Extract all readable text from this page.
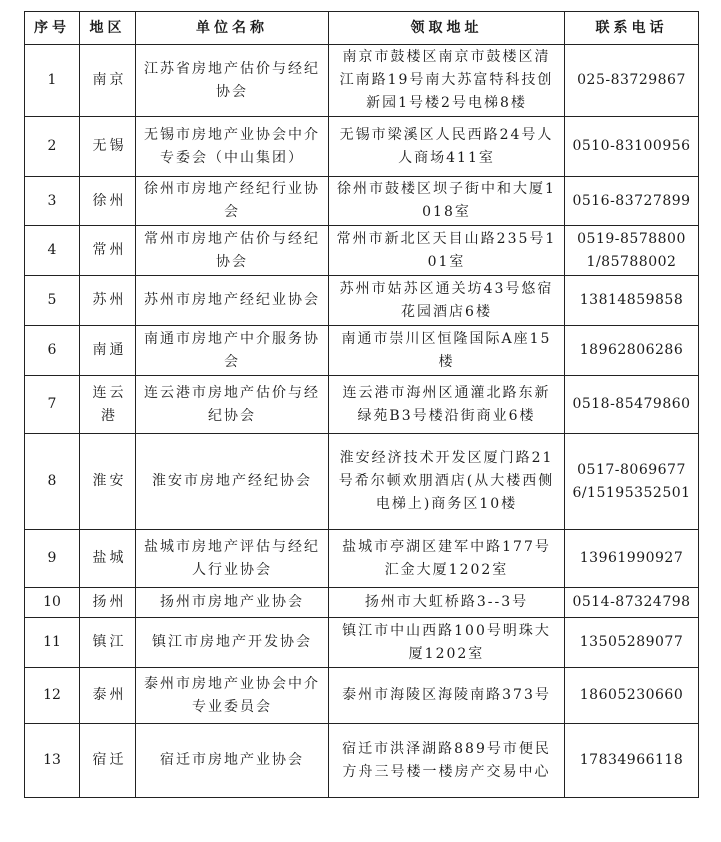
序号	地区	单位名称	领取地址	联系电话
1	南京	江苏省房地产估价与经纪协会	南京市鼓楼区南京市鼓楼区清江南路19号南大苏富特科技创新园1号楼2号电梯8楼	025-83729867
2	无锡	无锡市房地产业协会中介专委会（中山集团）	无锡市梁溪区人民西路24号人人商场411室	0510-83100956
3	徐州	徐州市房地产经纪行业协会	徐州市鼓楼区坝子街中和大厦1018室	0516-83727899
4	常州	常州市房地产估价与经纪协会	常州市新北区天目山路235号101室	0519-85788001/85788002
5	苏州	苏州市房地产经纪业协会	苏州市姑苏区通关坊43号悠宿花园酒店6楼	13814859858
6	南通	南通市房地产中介服务协会	南通市崇川区恒隆国际A座15楼	18962806286
7	连云港	连云港市房地产估价与经纪协会	连云港市海州区通灌北路东新绿苑B3号楼沿街商业6楼	0518-85479860
8	淮安	淮安市房地产经纪协会	淮安经济技术开发区厦门路21号希尔顿欢朋酒店(从大楼西侧电梯上)商务区10楼	0517-80696776/15195352501
9	盐城	盐城市房地产评估与经纪人行业协会	盐城市亭湖区建军中路177号汇金大厦1202室	13961990927
10	扬州	扬州市房地产业协会	扬州市大虹桥路3--3号	0514-87324798
11	镇江	镇江市房地产开发协会	镇江市中山西路100号明珠大厦1202室	13505289077
12	泰州	泰州市房地产业协会中介专业委员会	泰州市海陵区海陵南路373号	18605230660
13	宿迁	宿迁市房地产业协会	宿迁市洪泽湖路889号市便民方舟三号楼一楼房产交易中心	17834966118
